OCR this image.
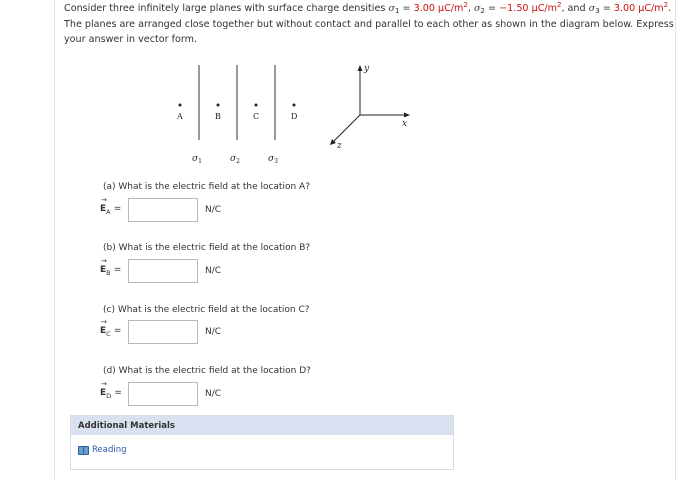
Consider three infinitely large planes with surface charge densities $\sigma_1 = 3.00$ $\mu C/m^2$, $\sigma_2 = -1.50$ $\mu C/m^2$, and $\sigma_3 = 3.00$ $\mu C/m^2$.
The planes are arranged close together but without contact and parallel to each other as shown in the diagram below. Express
your answer in vector form.
A	B	C	D
$\sigma_1$	$\sigma_2$	$\sigma_3$
y
x
z
(a) What is the electric field at the location A?
→
$E_A$ =	N/C
(b) What is the electric field at the location B?
→
$E_B$ =	N/C
(c) What is the electric field at the location C?
→
$E_C$ =	N/C
(d) What is the electric field at the location D?
→
$E_D$ =	N/C
Additional Materials
Reading
